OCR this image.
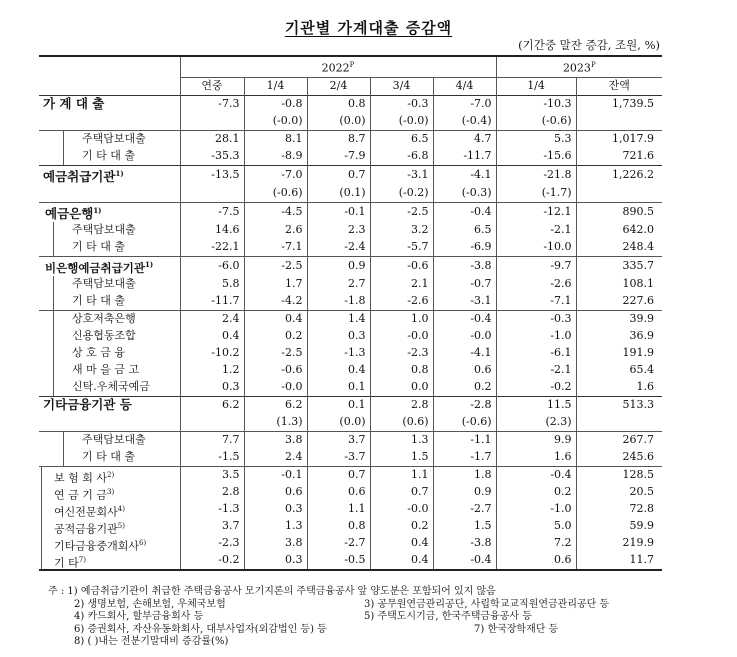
기관별 가계대출 증감액
(기간중 말잔 증감, 조원, %)
	$2022^P$					$2023^P$
	연중	1/4	2/4	3/4	4/4	1/4	잔액

가 계 대 출	-7.3	-0.8	0.8	-0.3	-7.0	-10.3	1,739.5

		(-0.0)	(0.0)	(-0.0)	(-0.4)	(-0.6)	

주택담보대출	28.1	8.1	8.7	6.5	4.7	5.3	1,017.9

기 타 대 출	-35.3	-8.9	-7.9	-6.8	-11.7	-15.6	721.6

예금취급기관$^{1)}$	-13.5	-7.0	0.7	-3.1	-4.1	-21.8	1,226.2

		(-0.6)	(0.1)	(-0.2)	(-0.3)	(-1.7)	

예금은행$^{1)}$	-7.5	-4.5	-0.1	-2.5	-0.4	-12.1	890.5

주택담보대출	14.6	2.6	2.3	3.2	6.5	-2.1	642.0

기 타 대 출	-22.1	-7.1	-2.4	-5.7	-6.9	-10.0	248.4

비은행예금취급기관$^{1)}$	-6.0	-2.5	0.9	-0.6	-3.8	-9.7	335.7

주택담보대출	5.8	1.7	2.7	2.1	-0.7	-2.6	108.1

기 타 대 출	-11.7	-4.2	-1.8	-2.6	-3.1	-7.1	227.6

상호저축은행	2.4	0.4	1.4	1.0	-0.4	-0.3	39.9

신용협동조합	0.4	0.2	0.3	-0.0	-0.0	-1.0	36.9

상 호 금 융	-10.2	-2.5	-1.3	-2.3	-4.1	-6.1	191.9

새 마 을 금 고	1.2	-0.6	0.4	0.8	0.6	-2.1	65.4

신탁.우체국예금	0.3	-0.0	0.1	0.0	0.2	-0.2	1.6

기타금융기관 등	6.2	6.2	0.1	2.8	-2.8	11.5	513.3

		(1.3)	(0.0)	(0.6)	(-0.6)	(2.3)	

주택담보대출	7.7	3.8	3.7	1.3	-1.1	9.9	267.7

기 타 대 출	-1.5	2.4	-3.7	1.5	-1.7	1.6	245.6

보 험 회 사$^{2)}$	3.5	-0.1	0.7	1.1	1.8	-0.4	128.5

연 금 기 금$^{3)}$	2.8	0.6	0.6	0.7	0.9	0.2	20.5

여신전문회사$^{4)}$	-1.3	0.3	1.1	-0.0	-2.7	-1.0	72.8

공적금융기관$^{5)}$	3.7	1.3	0.8	0.2	1.5	5.0	59.9

기타금융중개회사$^{6)}$	-2.3	3.8	-2.7	0.4	-3.8	7.2	219.9

기 타$^{7)}$	-0.2	0.3	-0.5	0.4	-0.4	0.6	11.7
주 : 1) 예금취급기관이 취급한 주택금융공사 모기지론의 주택금융공사 앞 양도분은 포함되어 있지 않음
2) 생명보험, 손해보험, 우체국보험	3) 공무원연금관리공단, 사립학교교직원연금관리공단 등
4) 카드회사, 할부금융회사 등	5) 주택도시기금, 한국주택금융공사 등
6) 증권회사, 자산유동화회사, 대부사업자(외감법인 등) 등	7) 한국장학재단 등
8) ( )내는 전분기말대비 증감률(%)
